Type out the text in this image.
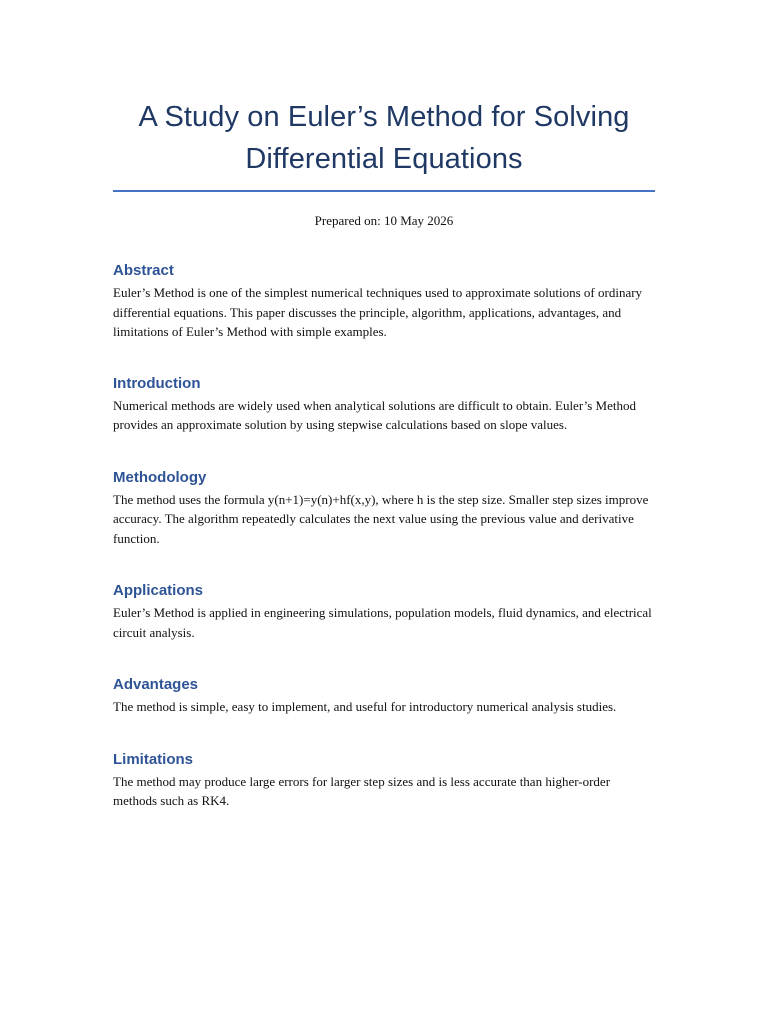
A Study on Euler’s Method for Solving Differential Equations

Prepared on: 10 May 2026

Abstract

Euler’s Method is one of the simplest numerical techniques used to approximate solutions of ordinary differential equations. This paper discusses the principle, algorithm, applications, advantages, and limitations of Euler’s Method with simple examples.

Introduction

Numerical methods are widely used when analytical solutions are difficult to obtain. Euler’s Method provides an approximate solution by using stepwise calculations based on slope values.

Methodology

The method uses the formula y(n+1)=y(n)+hf(x,y), where h is the step size. Smaller step sizes improve accuracy. The algorithm repeatedly calculates the next value using the previous value and derivative function.

Applications

Euler’s Method is applied in engineering simulations, population models, fluid dynamics, and electrical circuit analysis.

Advantages

The method is simple, easy to implement, and useful for introductory numerical analysis studies.

Limitations

The method may produce large errors for larger step sizes and is less accurate than higher-order methods such as RK4.
